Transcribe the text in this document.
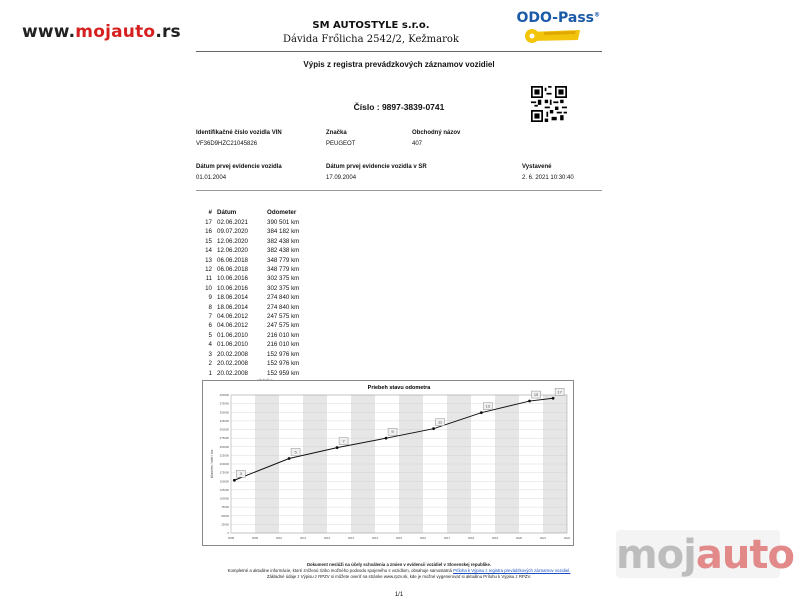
www.mojauto.rs	SM AUTOSTYLE s.r.o.
Dávida Frőlicha 2542/2, Kežmarok
ODO-Pass®
Výpis z registra prevádzkových záznamov vozidiel
Číslo : 9897-3839-0741
Identifikačné číslo vozidla VIN
VF36D9HZC21045826
Značka
PEUGEOT
Obchodný názov
407
Dátum prvej evidencie vozidla
01.01.2004
Dátum prvej evidencie vozidla v SR
17.09.2004
Vystavené
2. 6. 2021 10:30:40
#	Dátum	Odometer
17	02.06.2021	390 501 km
16	09.07.2020	384 182 km
15	12.06.2020	382 438 km
14	12.06.2020	382 438 km
13	06.06.2018	348 779 km
12	06.06.2018	348 779 km
11	10.06.2016	302 375 km
10	10.06.2016	302 375 km
9	18.06.2014	274 840 km
8	18.06.2014	274 840 km
7	04.06.2012	247 575 km
6	04.06.2012	247 575 km
5	01.06.2010	216 010 km
4	01.06.2010	216 010 km
3	20.02.2008	152 976 km
2	20.02.2008	152 976 km
1	20.02.2008	152 959 km

Priebeh stavu odometra
0
25000
50000
75000
100000
125000
150000
175000
200000
225000
250000
275000
300000
325000
350000
375000
400000
2008	2009	2010	2011	2012	2013	2014	2015	2016	2017	2018	2019	2020	2021	2022
kilometre / míle / km	3
5
7
9
11
13
15
17
Dokument neslúži na účely schválenia a zmien v evidencii vozidiel v Slovenskej republike.
Kompletné a aktuálne informácie, ktoré zníženú riziko možného podvodu spojeného s vozidlom, obsahuje samostatná Príloha k Výpisu z registra prevádzkových záznamov vozidiel.
Základné údaje z Výpisu z RPZV si môžete overiť na stránke www.rpzv.sk, kde je možné vygenerovať si aktuálnu Prílohu k Výpisu z RPZV.
1/1
mojauto
